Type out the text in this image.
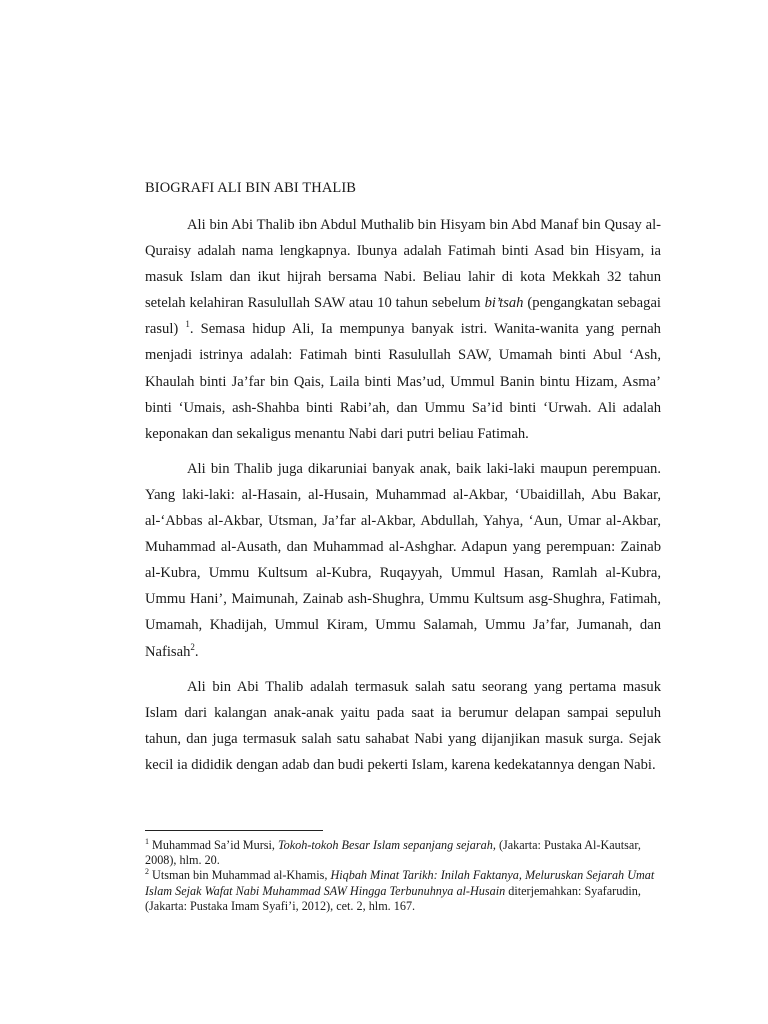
BIOGRAFI ALI BIN ABI THALIB

Ali bin Abi Thalib ibn Abdul Muthalib bin Hisyam bin Abd Manaf bin Qusay al-Quraisy adalah nama lengkapnya. Ibunya adalah Fatimah binti Asad bin Hisyam, ia masuk Islam dan ikut hijrah bersama Nabi. Beliau lahir di kota Mekkah 32 tahun setelah kelahiran Rasulullah SAW atau 10 tahun sebelum bi’tsah (pengangkatan sebagai rasul) $^1$. Semasa hidup Ali, Ia mempunya banyak istri. Wanita-wanita yang pernah menjadi istrinya adalah: Fatimah binti Rasulullah SAW, Umamah binti Abul ‘Ash, Khaulah binti Ja’far bin Qais, Laila binti Mas’ud, Ummul Banin bintu Hizam, Asma’ binti ‘Umais, ash-Shahba binti Rabi’ah, dan Ummu Sa’id binti ‘Urwah. Ali adalah keponakan dan sekaligus menantu Nabi dari putri beliau Fatimah.

Ali bin Thalib juga dikaruniai banyak anak, baik laki-laki maupun perempuan. Yang laki-laki: al-Hasain, al-Husain, Muhammad al-Akbar, ‘Ubaidillah, Abu Bakar, al-‘Abbas al-Akbar, Utsman, Ja’far al-Akbar, Abdullah, Yahya, ‘Aun, Umar al-Akbar, Muhammad al-Ausath, dan Muhammad al-Ashghar. Adapun yang perempuan: Zainab al-Kubra, Ummu Kultsum al-Kubra, Ruqayyah, Ummul Hasan, Ramlah al-Kubra, Ummu Hani’, Maimunah, Zainab ash-Shughra, Ummu Kultsum asg-Shughra, Fatimah, Umamah, Khadijah, Ummul Kiram, Ummu Salamah, Ummu Ja’far, Jumanah, dan Nafisah$^2$.

Ali bin Abi Thalib adalah termasuk salah satu seorang yang pertama masuk Islam dari kalangan anak-anak yaitu pada saat ia berumur delapan sampai sepuluh tahun, dan juga termasuk salah satu sahabat Nabi yang dijanjikan masuk surga. Sejak kecil ia dididik dengan adab dan budi pekerti Islam, karena kedekatannya dengan Nabi.

$^1$ Muhammad Sa’id Mursi, Tokoh-tokoh Besar Islam sepanjang sejarah, (Jakarta: Pustaka Al-Kautsar, 2008), hlm. 20.

$^2$ Utsman bin Muhammad al-Khamis, Hiqbah Minat Tarikh: Inilah Faktanya, Meluruskan Sejarah Umat Islam Sejak Wafat Nabi Muhammad SAW Hingga Terbunuhnya al-Husain diterjemahkan: Syafarudin, (Jakarta: Pustaka Imam Syafi’i, 2012), cet. 2, hlm. 167.
